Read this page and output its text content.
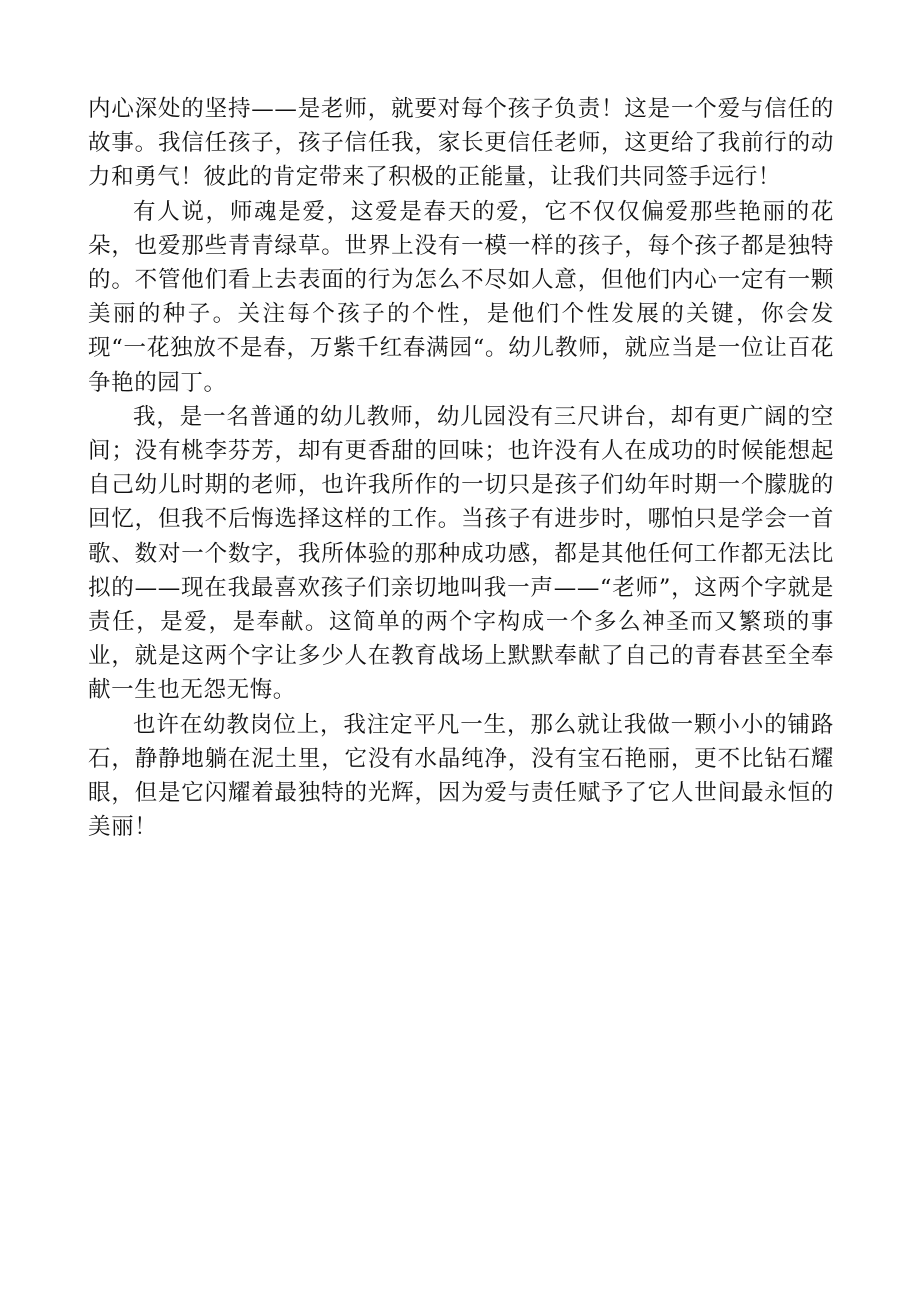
内心深处的坚持——是老师，就要对每个孩子负责！这是一个爱与信任的故事。我信任孩子，孩子信任我，家长更信任老师，这更给了我前行的动力和勇气！彼此的肯定带来了积极的正能量，让我们共同签手远行！

有人说，师魂是爱，这爱是春天的爱，它不仅仅偏爱那些艳丽的花朵，也爱那些青青绿草。世界上没有一模一样的孩子，每个孩子都是独特的。不管他们看上去表面的行为怎么不尽如人意，但他们内心一定有一颗美丽的种子。关注每个孩子的个性，是他们个性发展的关键，你会发现“一花独放不是春，万紫千红春满园“。幼儿教师，就应当是一位让百花争艳的园丁。

我，是一名普通的幼儿教师，幼儿园没有三尺讲台，却有更广阔的空间；没有桃李芬芳，却有更香甜的回味；也许没有人在成功的时候能想起自己幼儿时期的老师，也许我所作的一切只是孩子们幼年时期一个朦胧的回忆，但我不后悔选择这样的工作。当孩子有进步时，哪怕只是学会一首歌、数对一个数字，我所体验的那种成功感，都是其他任何工作都无法比拟的——现在我最喜欢孩子们亲切地叫我一声——“老师”，这两个字就是责任，是爱，是奉献。这简单的两个字构成一个多么神圣而又繁琐的事业，就是这两个字让多少人在教育战场上默默奉献了自己的青春甚至全奉献一生也无怨无悔。

也许在幼教岗位上，我注定平凡一生，那么就让我做一颗小小的铺路石，静静地躺在泥土里，它没有水晶纯净，没有宝石艳丽，更不比钻石耀眼，但是它闪耀着最独特的光辉，因为爱与责任赋予了它人世间最永恒的美丽！
